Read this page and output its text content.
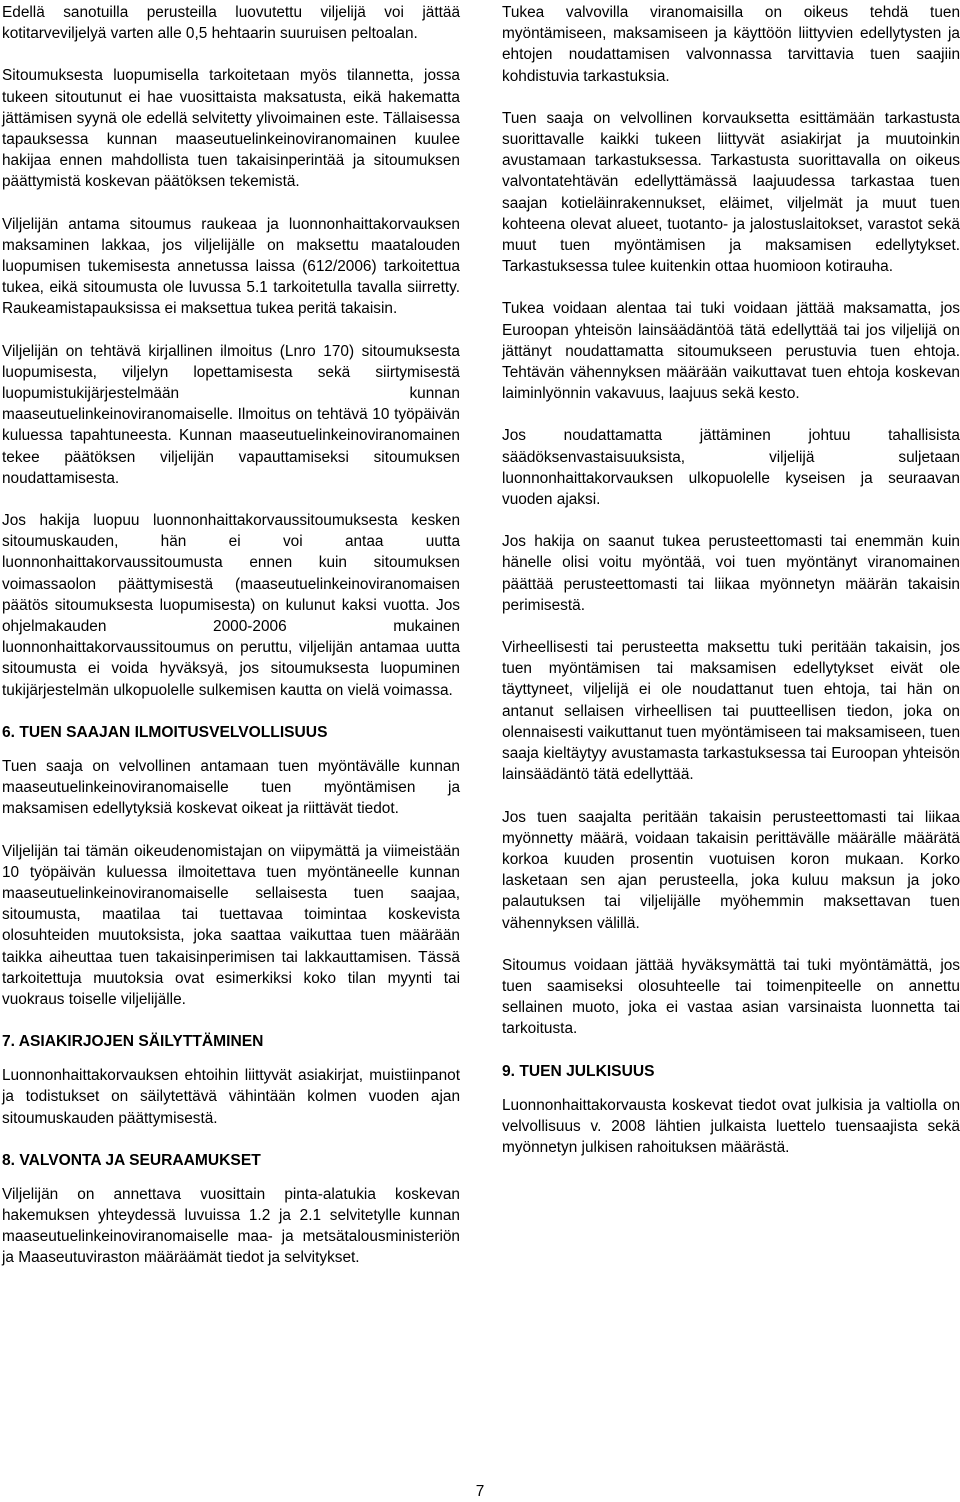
Edellä sanotuilla perusteilla luovutettu viljelijä voi jättää kotitarveviljelyä varten alle 0,5 hehtaarin suuruisen peltoalan.

Sitoumuksesta luopumisella tarkoitetaan myös tilannetta, jossa tukeen sitoutunut ei hae vuosittaista maksatusta, eikä hakematta jättämisen syynä ole edellä selvitetty ylivoimainen este. Tällaisessa tapauksessa kunnan maaseutuelinkeinoviranomainen kuulee hakijaa ennen mahdollista tuen takaisinperintää ja sitoumuksen päättymistä koskevan päätöksen tekemistä.

Viljelijän antama sitoumus raukeaa ja luonnonhaittakorvauksen maksaminen lakkaa, jos viljelijälle on maksettu maatalouden luopumisen tukemisesta annetussa laissa (612/2006) tarkoitettua tukea, eikä sitoumusta ole luvussa 5.1 tarkoitetulla tavalla siirretty. Raukeamistapauksissa ei maksettua tukea peritä takaisin.

Viljelijän on tehtävä kirjallinen ilmoitus (Lnro 170) sitoumuksesta luopumisesta, viljelyn lopettamisesta sekä siirtymisestä luopumistukijärjestelmään kunnan maaseutuelinkeinoviranomaiselle. Ilmoitus on tehtävä 10 työpäivän kuluessa tapahtuneesta. Kunnan maaseutuelinkeinoviranomainen tekee päätöksen viljelijän vapauttamiseksi sitoumuksen noudattamisesta.

Jos hakija luopuu luonnonhaittakorvaussitoumuksesta kesken sitoumuskauden, hän ei voi antaa uutta luonnonhaittakorvaussitoumusta ennen kuin sitoumuksen voimassaolon päättymisestä (maaseutuelinkeinoviranomaisen päätös sitoumuksesta luopumisesta) on kulunut kaksi vuotta. Jos ohjelmakauden 2000-2006 mukainen luonnonhaittakorvaussitoumus on peruttu, viljelijän antamaa uutta sitoumusta ei voida hyväksyä, jos sitoumuksesta luopuminen tukijärjestelmän ulkopuolelle sulkemisen kautta on vielä voimassa.

6. TUEN SAAJAN ILMOITUSVELVOLLISUUS

Tuen saaja on velvollinen antamaan tuen myöntävälle kunnan maaseutuelinkeinoviranomaiselle tuen myöntämisen ja maksamisen edellytyksiä koskevat oikeat ja riittävät tiedot.

Viljelijän tai tämän oikeudenomistajan on viipymättä ja viimeistään 10 työpäivän kuluessa ilmoitettava tuen myöntäneelle kunnan maaseutuelinkeinoviranomaiselle sellaisesta tuen saajaa, sitoumusta, maatilaa tai tuettavaa toimintaa koskevista olosuhteiden muutoksista, joka saattaa vaikuttaa tuen määrään taikka aiheuttaa tuen takaisinperimisen tai lakkauttamisen. Tässä tarkoitettuja muutoksia ovat esimerkiksi koko tilan myynti tai vuokraus toiselle viljelijälle.

7. ASIAKIRJOJEN SÄILYTTÄMINEN

Luonnonhaittakorvauksen ehtoihin liittyvät asiakirjat, muistiinpanot ja todistukset on säilytettävä vähintään kolmen vuoden ajan sitoumuskauden päättymisestä.

8. VALVONTA JA SEURAAMUKSET

Viljelijän on annettava vuosittain pinta-alatukia koskevan hakemuksen yhteydessä luvuissa 1.2 ja 2.1 selvitetylle kunnan maaseutuelinkeinoviranomaiselle maa- ja metsätalousministeriön ja Maaseutuviraston määräämät tiedot ja selvitykset.

Tukea valvovilla viranomaisilla on oikeus tehdä tuen myöntämiseen, maksamiseen ja käyttöön liittyvien edellytysten ja ehtojen noudattamisen valvonnassa tarvittavia tuen saajiin kohdistuvia tarkastuksia.

Tuen saaja on velvollinen korvauksetta esittämään tarkastusta suorittavalle kaikki tukeen liittyvät asiakirjat ja muutoinkin avustamaan tarkastuksessa. Tarkastusta suorittavalla on oikeus valvontatehtävän edellyttämässä laajuudessa tarkastaa tuen saajan kotieläinrakennukset, eläimet, viljelmät ja muut tuen kohteena olevat alueet, tuotanto- ja jalostuslaitokset, varastot sekä muut tuen myöntämisen ja maksamisen edellytykset. Tarkastuksessa tulee kuitenkin ottaa huomioon kotirauha.

Tukea voidaan alentaa tai tuki voidaan jättää maksamatta, jos Euroopan yhteisön lainsäädäntöä tätä edellyttää tai jos viljelijä on jättänyt noudattamatta sitoumukseen perustuvia tuen ehtoja. Tehtävän vähennyksen määrään vaikuttavat tuen ehtoja koskevan laiminlyönnin vakavuus, laajuus sekä kesto.

Jos noudattamatta jättäminen johtuu tahallisista säädöksenvastaisuuksista, viljelijä suljetaan luonnonhaittakorvauksen ulkopuolelle kyseisen ja seuraavan vuoden ajaksi.

Jos hakija on saanut tukea perusteettomasti tai enemmän kuin hänelle olisi voitu myöntää, voi tuen myöntänyt viranomainen päättää perusteettomasti tai liikaa myönnetyn määrän takaisin perimisestä.

Virheellisesti tai perusteetta maksettu tuki peritään takaisin, jos tuen myöntämisen tai maksamisen edellytykset eivät ole täyttyneet, viljelijä ei ole noudattanut tuen ehtoja, tai hän on antanut sellaisen virheellisen tai puutteellisen tiedon, joka on olennaisesti vaikuttanut tuen myöntämiseen tai maksamiseen, tuen saaja kieltäytyy avustamasta tarkastuksessa tai Euroopan yhteisön lainsäädäntö tätä edellyttää.

Jos tuen saajalta peritään takaisin perusteettomasti tai liikaa myönnetty määrä, voidaan takaisin perittävälle määrälle määrätä korkoa kuuden prosentin vuotuisen koron mukaan. Korko lasketaan sen ajan perusteella, joka kuluu maksun ja joko palautuksen tai viljelijälle myöhemmin maksettavan tuen vähennyksen välillä.

Sitoumus voidaan jättää hyväksymättä tai tuki myöntämättä, jos tuen saamiseksi olosuhteelle tai toimenpiteelle on annettu sellainen muoto, joka ei vastaa asian varsinaista luonnetta tai tarkoitusta.

9. TUEN JULKISUUS

Luonnonhaittakorvausta koskevat tiedot ovat julkisia ja valtiolla on velvollisuus v. 2008 lähtien julkaista luettelo tuensaajista sekä myönnetyn julkisen rahoituksen määrästä.

7
